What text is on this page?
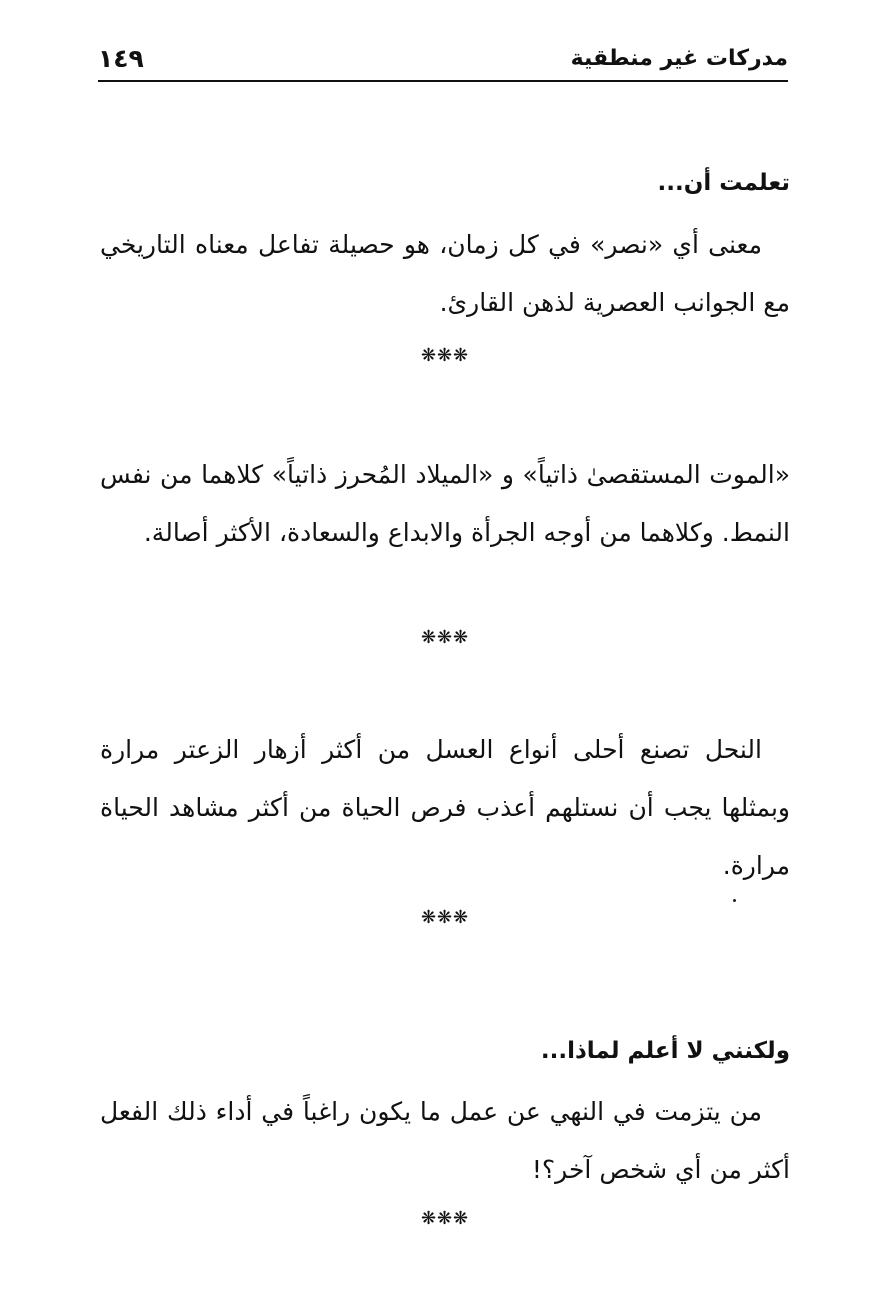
مدركات غير منطقية
١٤٩
تعلمت أن...

معنى أي «نصر» في كل زمان، هو حصيلة تفاعل معناه التاريخي مع الجوانب العصرية لذهن القارئ.

❋❋❋

«الموت المستقصىٰ ذاتياً» و «الميلاد المُحرز ذاتياً» كلاهما من نفس النمط. وكلاهما من أوجه الجرأة والابداع والسعادة، الأكثر أصالة.

❋❋❋

النحل تصنع أحلى أنواع العسل من أكثر أزهار الزعتر مرارة وبمثلها يجب أن نستلهم أعذب فرص الحياة من أكثر مشاهد الحياة مرارة.

❋❋❋
ولكنني لا أعلم لماذا...

من يتزمت في النهي عن عمل ما يكون راغباً في أداء ذلك الفعل أكثر من أي شخص آخر؟!

❋❋❋
